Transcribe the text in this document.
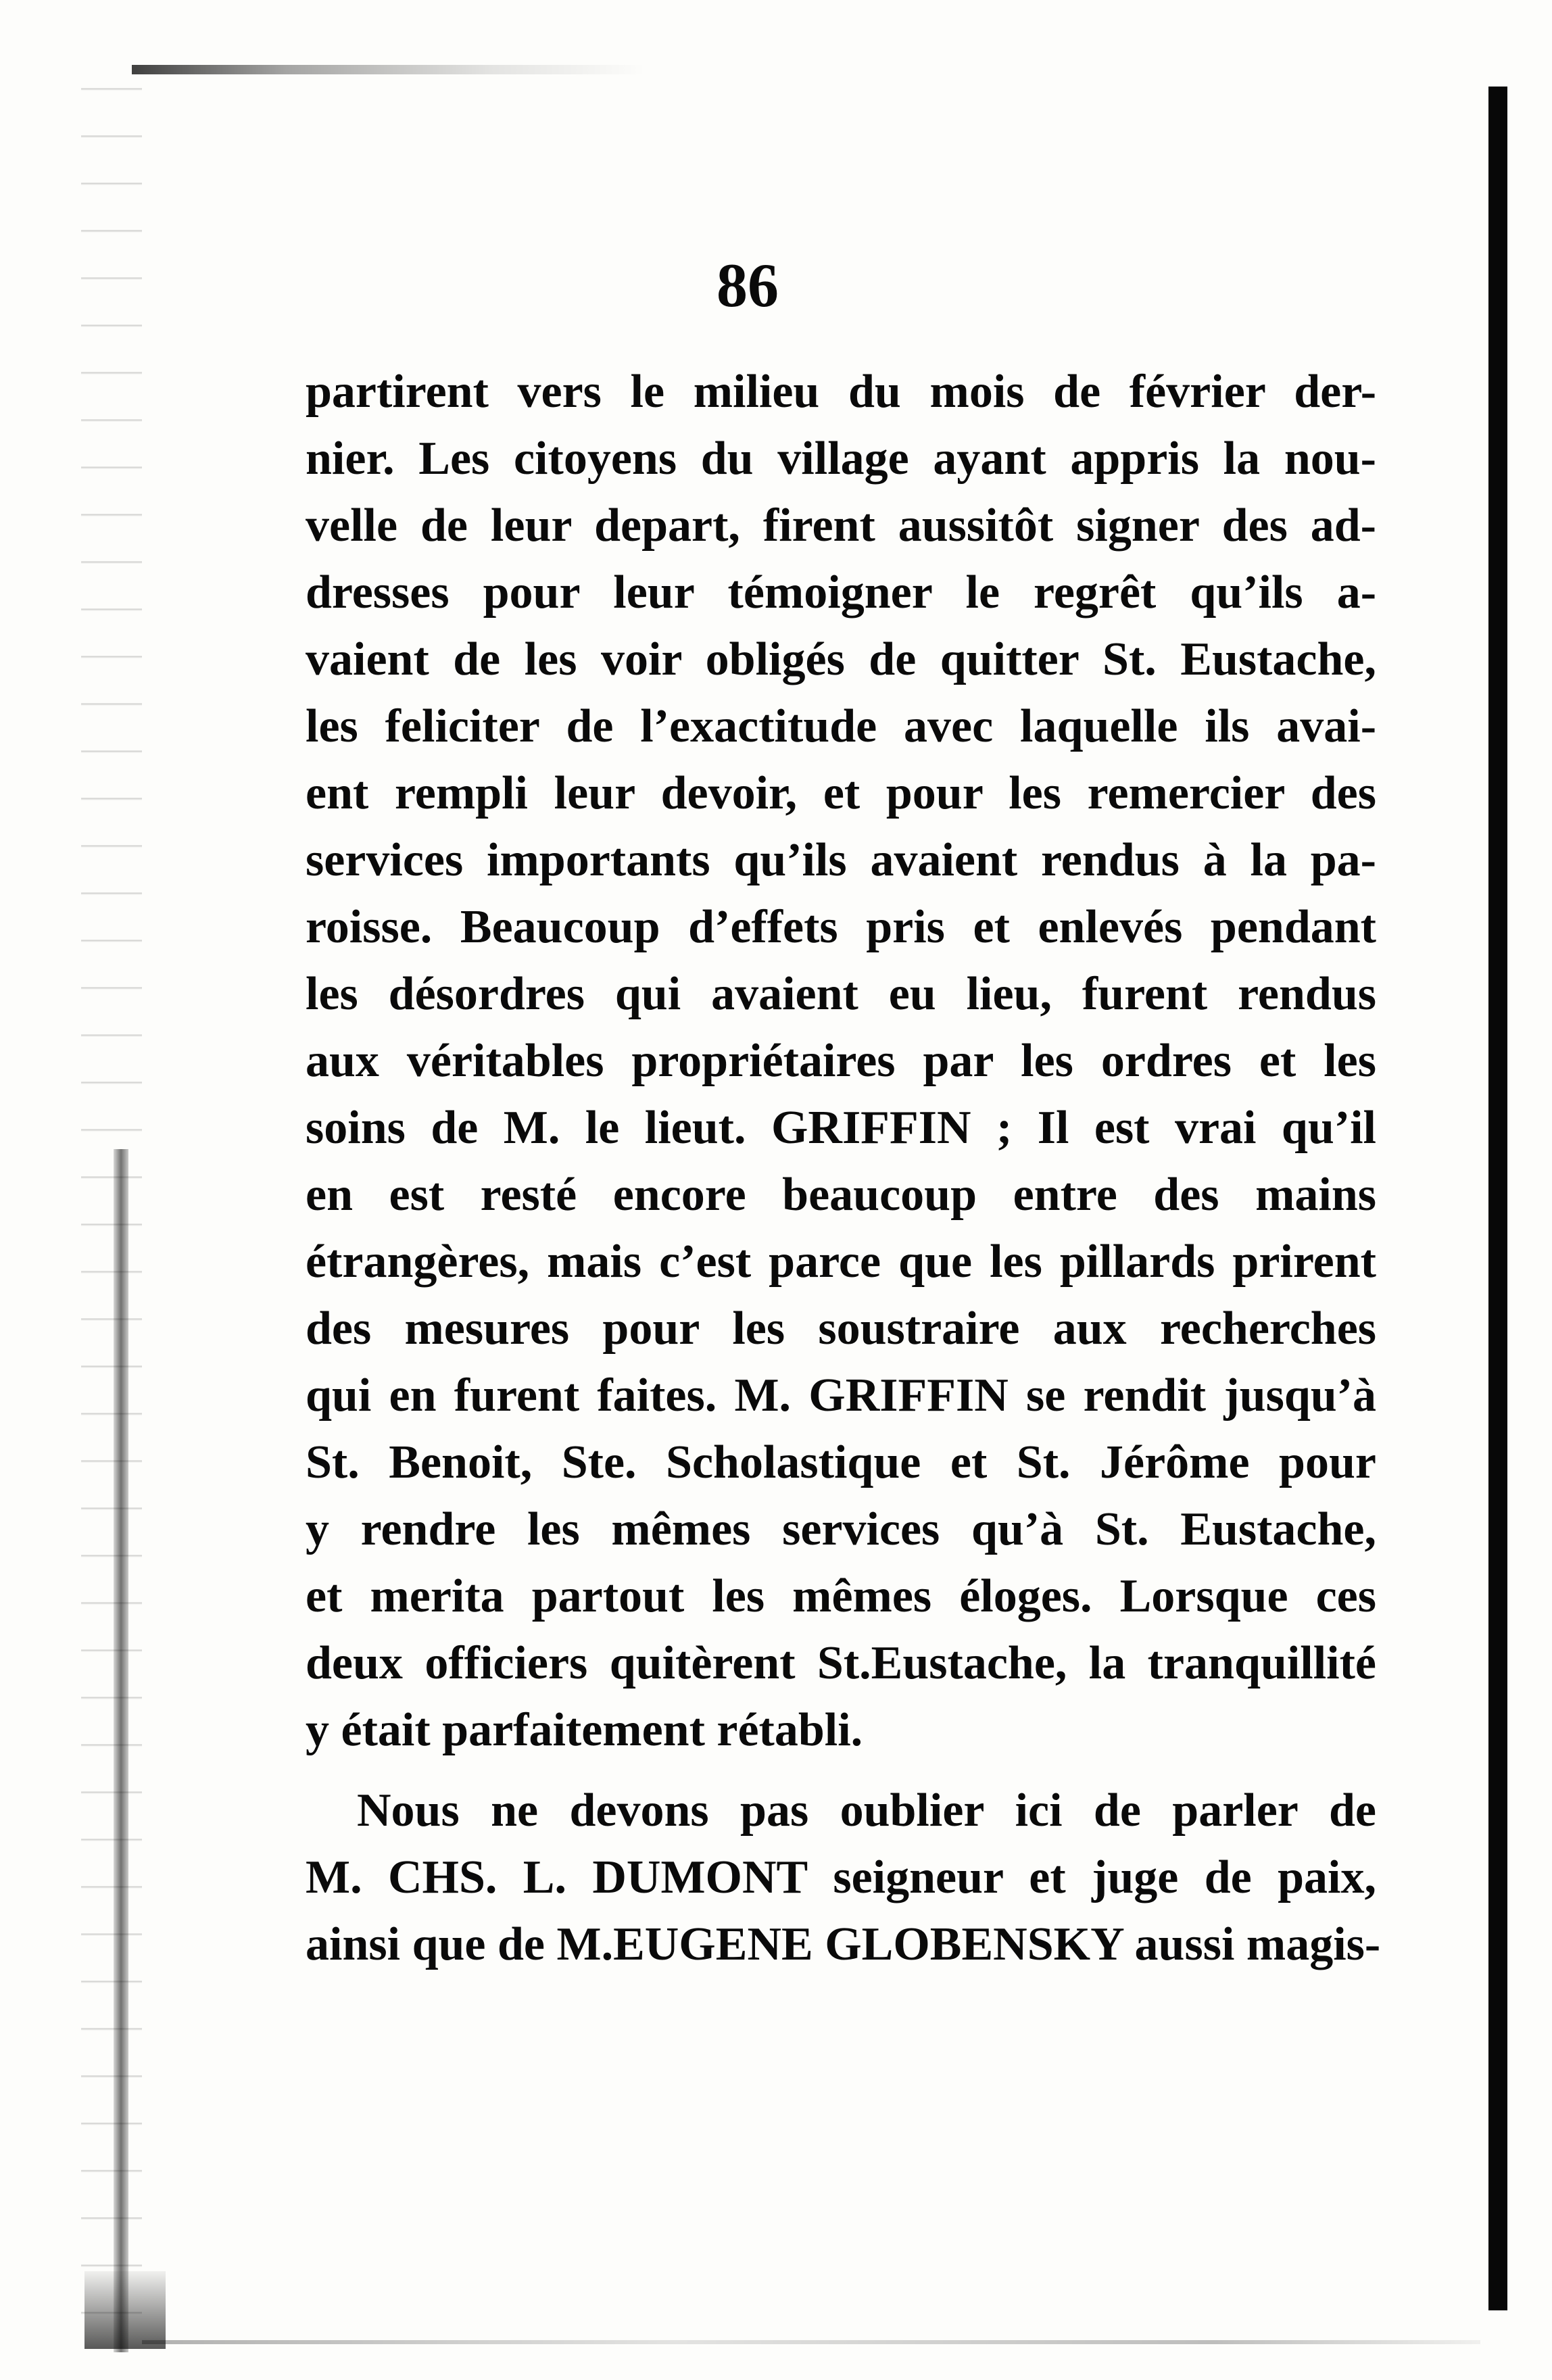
86
partirent vers le milieu du mois de février der-
nier. Les citoyens du village ayant appris la nou-
velle de leur depart, firent aussitôt signer des ad-
dresses pour leur témoigner le regrêt qu’ils a-
vaient de les voir obligés de quitter St. Eustache,
les feliciter de l’exactitude avec laquelle ils avai-
ent rempli leur devoir, et pour les remercier des
services importants qu’ils avaient rendus à la pa-
roisse. Beaucoup d’effets pris et enlevés pendant
les désordres qui avaient eu lieu, furent rendus
aux véritables propriétaires par les ordres et les
soins de M. le lieut. GRIFFIN ; Il est vrai qu’il
en est resté encore beaucoup entre des mains
étrangères, mais c’est parce que les pillards prirent
des mesures pour les soustraire aux recherches
qui en furent faites. M. GRIFFIN se rendit jusqu’à
St. Benoit, Ste. Scholastique et St. Jérôme pour
y rendre les mêmes services qu’à St. Eustache,
et merita partout les mêmes éloges. Lorsque ces
deux officiers quitèrent St.Eustache, la tranquillité
y était parfaitement rétabli.
Nous ne devons pas oublier ici de parler de
M. CHS. L. DUMONT seigneur et juge de paix,
ainsi que de M.EUGENE GLOBENSKY aussi magis-
